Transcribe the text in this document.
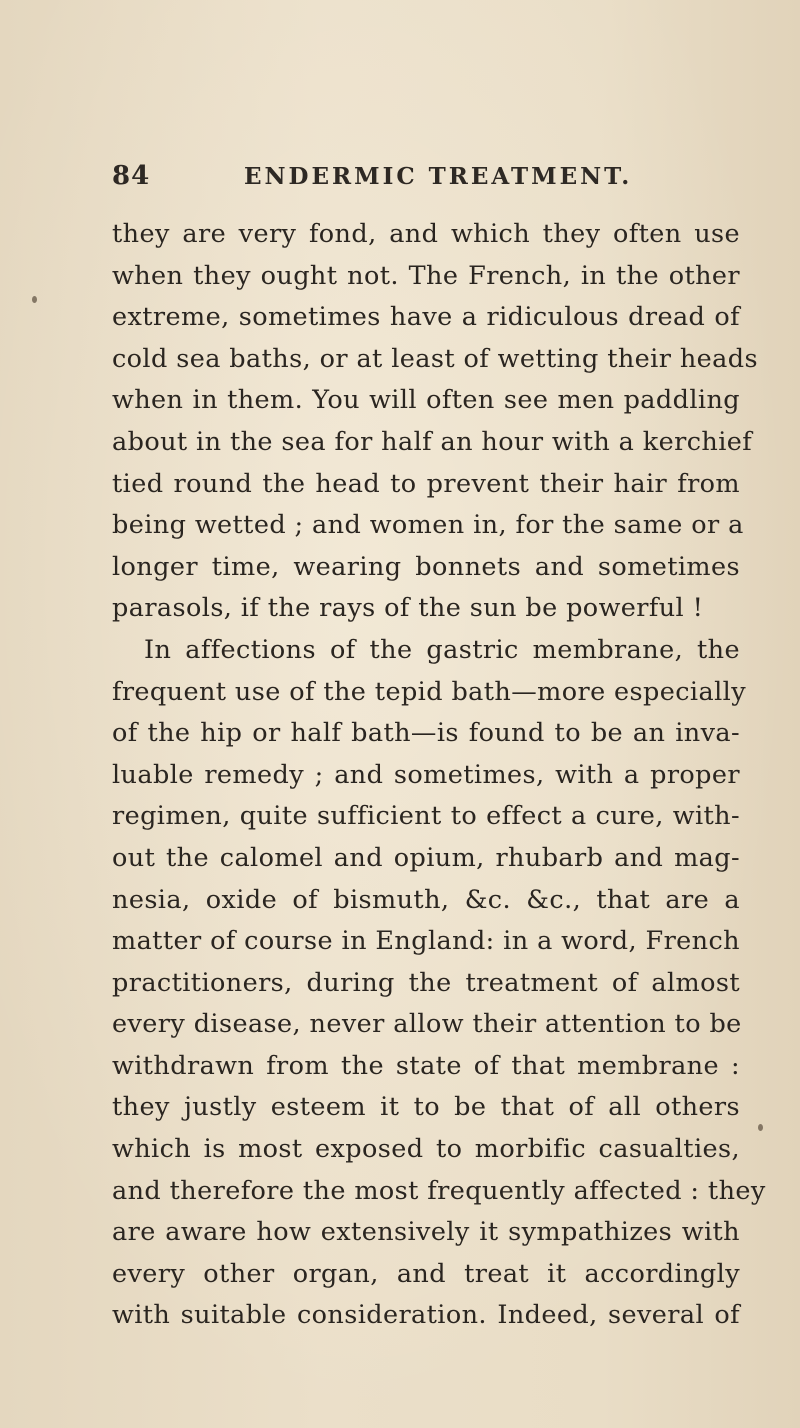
84	ENDERMIC TREATMENT.
they are very fond, and which they often use
when they ought not. The French, in the other
extreme, sometimes have a ridiculous dread of
cold sea baths, or at least of wetting their heads
when in them. You will often see men paddling
about in the sea for half an hour with a kerchief
tied round the head to prevent their hair from
being wetted ; and women in, for the same or a
longer time, wearing bonnets and sometimes
parasols, if the rays of the sun be powerful !
In affections of the gastric membrane, the
frequent use of the tepid bath—more especially
of the hip or half bath—is found to be an inva-
luable remedy ; and sometimes, with a proper
regimen, quite sufficient to effect a cure, with-
out the calomel and opium, rhubarb and mag-
nesia, oxide of bismuth, &c. &c., that are a
matter of course in England: in a word, French
practitioners, during the treatment of almost
every disease, never allow their attention to be
withdrawn from the state of that membrane :
they justly esteem it to be that of all others
which is most exposed to morbific casualties,
and therefore the most frequently affected : they
are aware how extensively it sympathizes with
every other organ, and treat it accordingly
with suitable consideration. Indeed, several of
